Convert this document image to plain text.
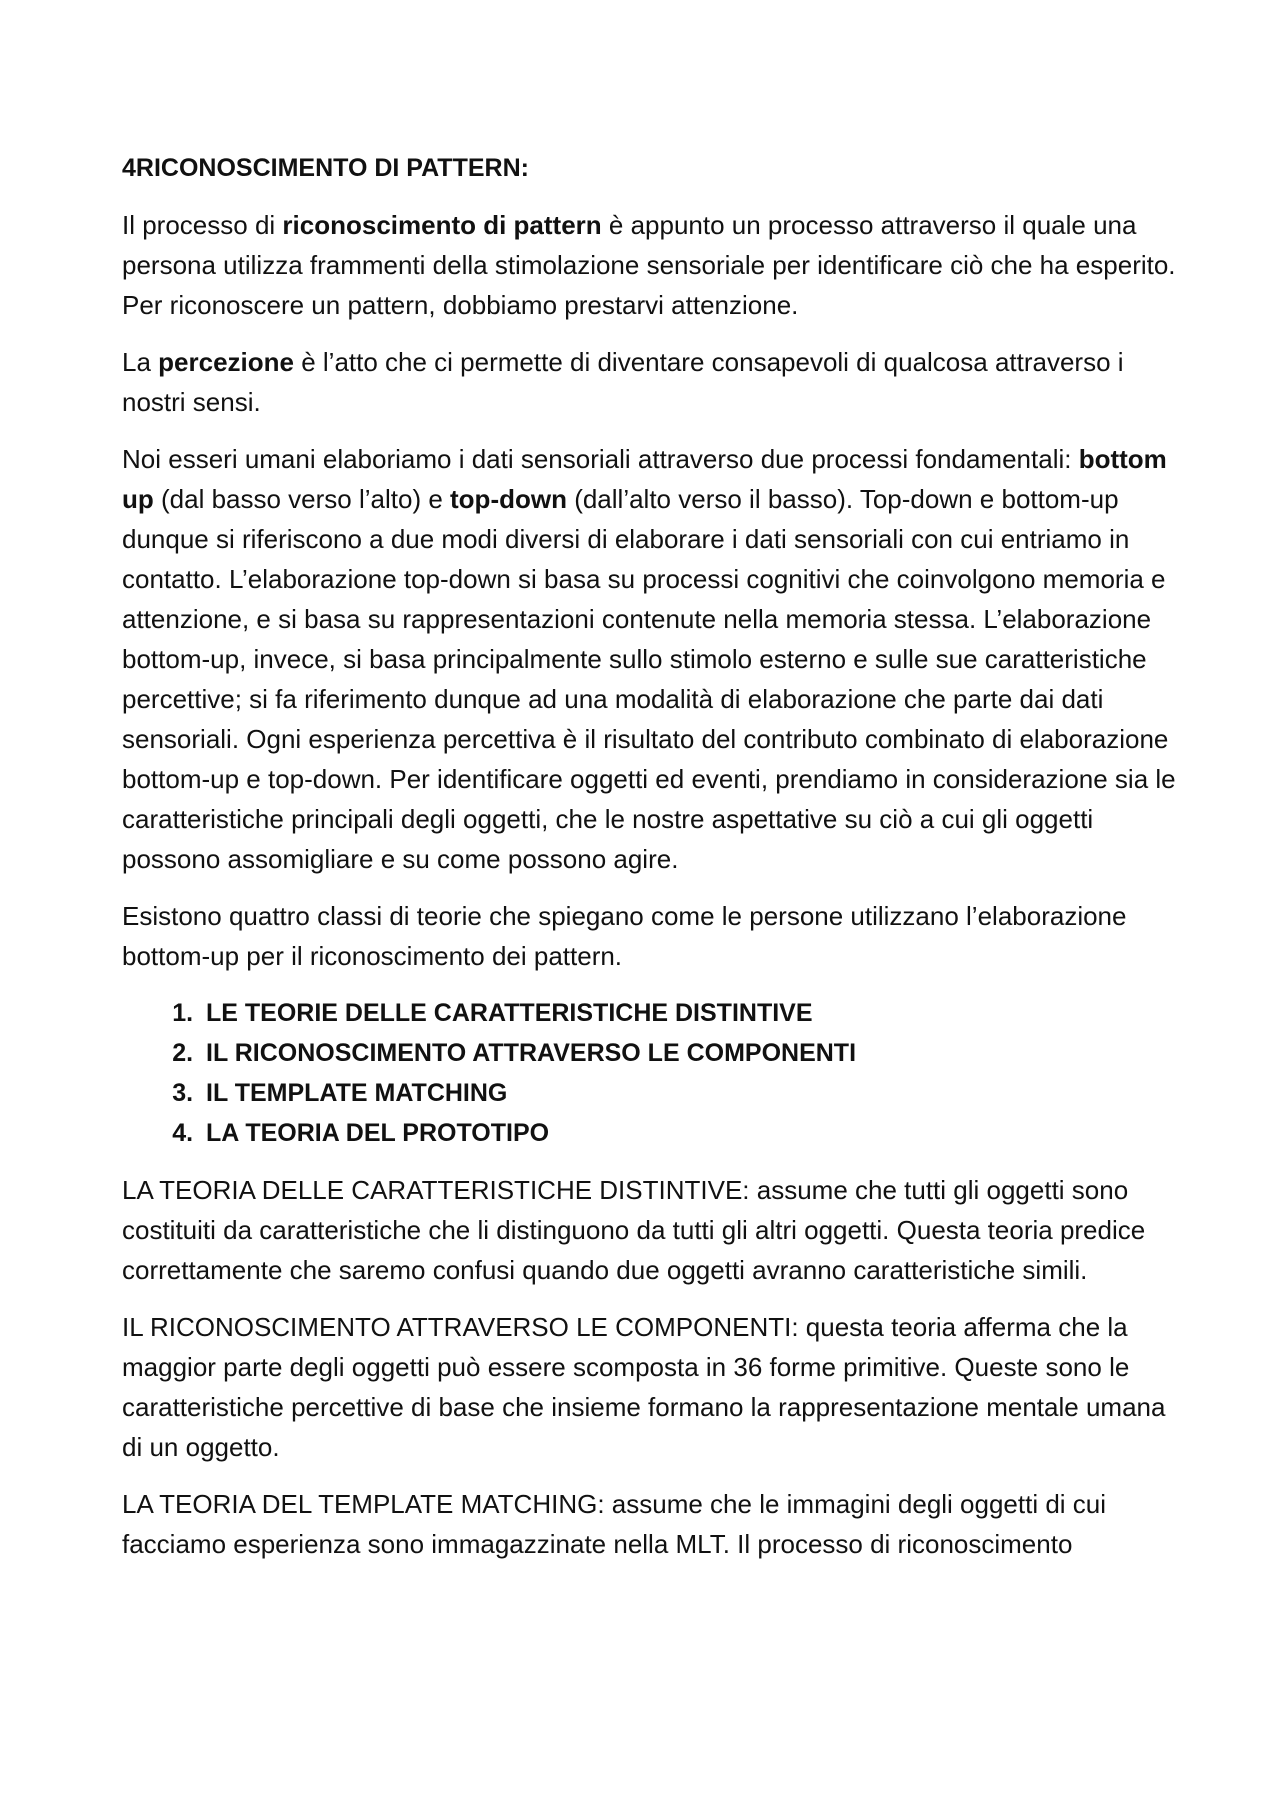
4RICONOSCIMENTO DI PATTERN:

Il processo di riconoscimento di pattern è appunto un processo attraverso il quale una persona utilizza frammenti della stimolazione sensoriale per identificare ciò che ha esperito. Per riconoscere un pattern, dobbiamo prestarvi attenzione.

La percezione è l’atto che ci permette di diventare consapevoli di qualcosa attraverso i nostri sensi.

Noi esseri umani elaboriamo i dati sensoriali attraverso due processi fondamentali: bottom up (dal basso verso l’alto) e top-down (dall’alto verso il basso). Top-down e bottom-up dunque si riferiscono a due modi diversi di elaborare i dati sensoriali con cui entriamo in contatto. L’elaborazione top-down si basa su processi cognitivi che coinvolgono memoria e attenzione, e si basa su rappresentazioni contenute nella memoria stessa. L’elaborazione bottom-up, invece, si basa principalmente sullo stimolo esterno e sulle sue caratteristiche percettive; si fa riferimento dunque ad una modalità di elaborazione che parte dai dati sensoriali. Ogni esperienza percettiva è il risultato del contributo combinato di elaborazione bottom-up e top-down. Per identificare oggetti ed eventi, prendiamo in considerazione sia le caratteristiche principali degli oggetti, che le nostre aspettative su ciò a cui gli oggetti possono assomigliare e su come possono agire.

Esistono quattro classi di teorie che spiegano come le persone utilizzano l’elaborazione bottom-up per il riconoscimento dei pattern.

1. LE TEORIE DELLE CARATTERISTICHE DISTINTIVE
2. IL RICONOSCIMENTO ATTRAVERSO LE COMPONENTI
3. IL TEMPLATE MATCHING
4. LA TEORIA DEL PROTOTIPO

LA TEORIA DELLE CARATTERISTICHE DISTINTIVE: assume che tutti gli oggetti sono costituiti da caratteristiche che li distinguono da tutti gli altri oggetti. Questa teoria predice correttamente che saremo confusi quando due oggetti avranno caratteristiche simili.

IL RICONOSCIMENTO ATTRAVERSO LE COMPONENTI: questa teoria afferma che la maggior parte degli oggetti può essere scomposta in 36 forme primitive. Queste sono le caratteristiche percettive di base che insieme formano la rappresentazione mentale umana di un oggetto.

LA TEORIA DEL TEMPLATE MATCHING: assume che le immagini degli oggetti di cui facciamo esperienza sono immagazzinate nella MLT. Il processo di riconoscimento
